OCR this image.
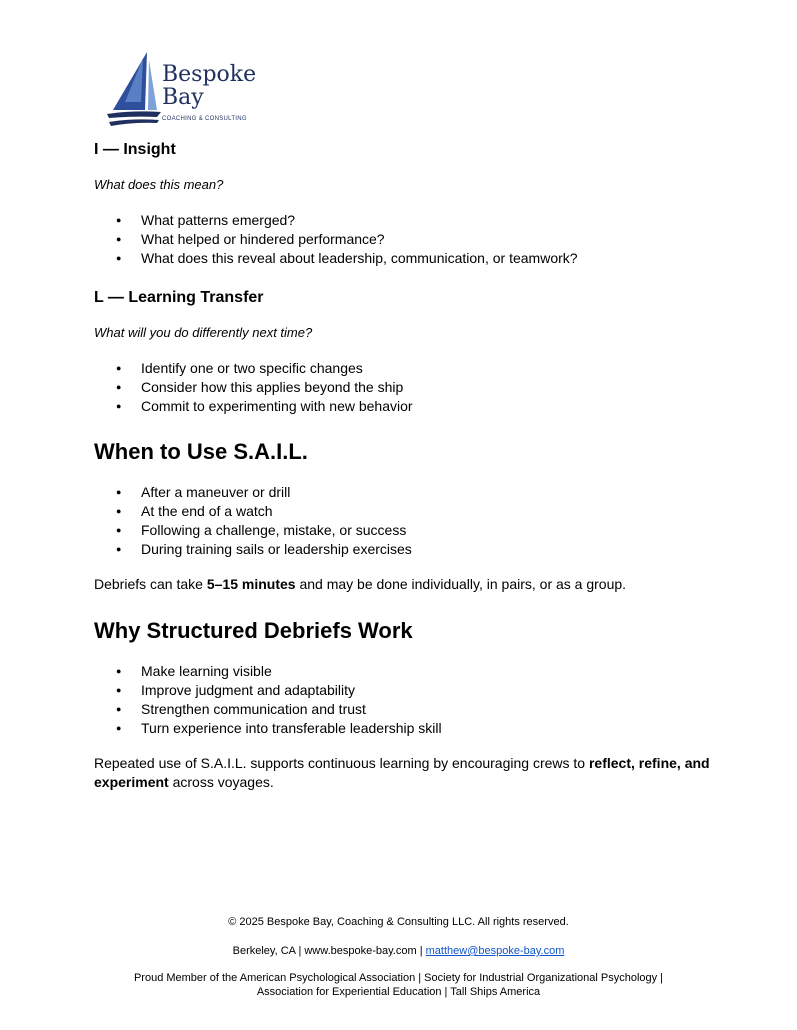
Bespoke
Bay
COACHING & CONSULTING
I — Insight
What does this mean?
● What patterns emerged?
● What helped or hindered performance?
● What does this reveal about leadership, communication, or teamwork?
L — Learning Transfer
What will you do differently next time?
● Identify one or two specific changes
● Consider how this applies beyond the ship
● Commit to experimenting with new behavior
When to Use S.A.I.L.
● After a maneuver or drill
● At the end of a watch
● Following a challenge, mistake, or success
● During training sails or leadership exercises

Debriefs can take 5–15 minutes and may be done individually, in pairs, or as a group.

Why Structured Debriefs Work
● Make learning visible
● Improve judgment and adaptability
● Strengthen communication and trust
● Turn experience into transferable leadership skill

Repeated use of S.A.I.L. supports continuous learning by encouraging crews to reflect, refine, and experiment across voyages.

© 2025 Bespoke Bay, Coaching & Consulting LLC. All rights reserved.
Berkeley, CA | www.bespoke-bay.com | matthew@bespoke-bay.com
Proud Member of the American Psychological Association | Society for Industrial Organizational Psychology |
Association for Experiential Education | Tall Ships America
